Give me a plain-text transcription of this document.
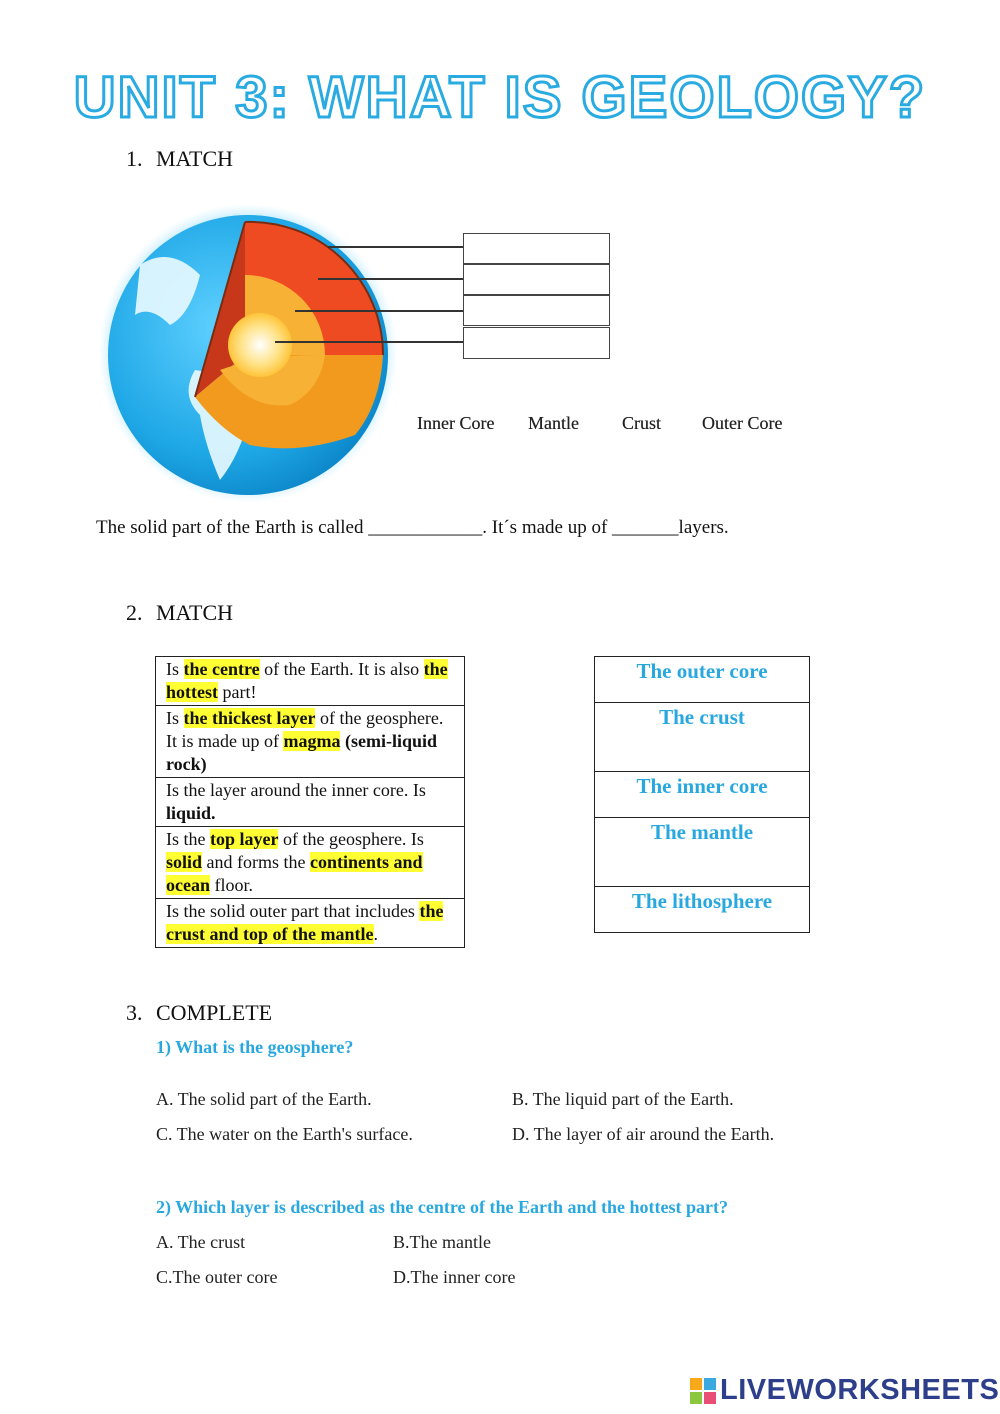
UNIT 3: WHAT IS GEOLOGY?
1. MATCH
Inner Core Mantle Crust Outer Core
The solid part of the Earth is called ____________. It´s made up of _______layers.
2. MATCH
Is the centre of the Earth. It is also the hottest part!
Is the thickest layer of the geosphere. It is made up of magma (semi-liquid rock)
Is the layer around the inner core. Is liquid.
Is the top layer of the geosphere. Is solid and forms the continents and ocean floor.
Is the solid outer part that includes the crust and top of the mantle.
The outer core
The crust
The inner core
The mantle
The lithosphere
3. COMPLETE
1) What is the geosphere?
A. The solid part of the Earth.	B. The liquid part of the Earth.
C. The water on the Earth's surface.	D. The layer of air around the Earth.
2) Which layer is described as the centre of the Earth and the hottest part?
A. The crust	B.The mantle
C.The outer core	D.The inner core
LIVEWORKSHEETS
